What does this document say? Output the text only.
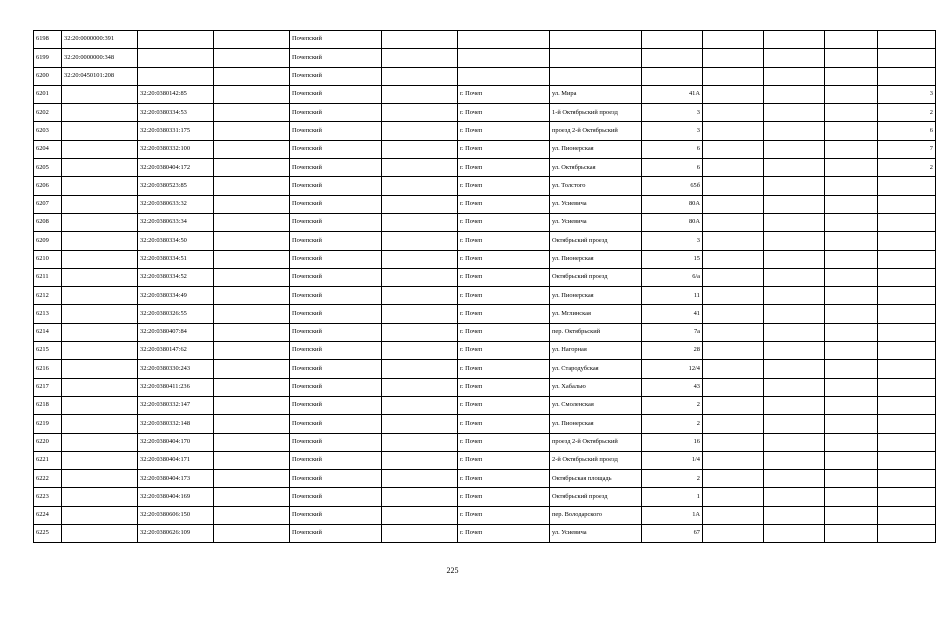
6198	32:20:0000000:391			Почепский								
6199	32:20:0000000:348			Почепский								
6200	32:20:0450101:208			Почепский								
6201		32:20:0380142:85		Почепский		г. Почеп	ул. Мира	41А				3
6202		32:20:0380334:53		Почепский		г. Почеп	1-й Октябрьский проезд	3				2
6203		32:20:0380331:175		Почепский		г. Почеп	проезд 2-й Октябрьский	3				6
6204		32:20:0380332:100		Почепский		г. Почеп	ул. Пионерская	6				7
6205		32:20:0380404:172		Почепский		г. Почеп	ул. Октябрьская	6				2
6206		32:20:0380523:85		Почепский		г. Почеп	ул. Толстого	65б				
6207		32:20:0380633:32		Почепский		г. Почеп	ул. Усиевича	80А				
6208		32:20:0380633:34		Почепский		г. Почеп	ул. Усиевича	80А				
6209		32:20:0380334:50		Почепский		г. Почеп	Октябрьский проезд	3				
6210		32:20:0380334:51		Почепский		г. Почеп	ул. Пионерская	15				
6211		32:20:0380334:52		Почепский		г. Почеп	Октябрьский проезд	6/а				
6212		32:20:0380334:49		Почепский		г. Почеп	ул. Пионерская	11				
6213		32:20:0380326:55		Почепский		г. Почеп	ул. Мглинская	41				
6214		32:20:0380407:84		Почепский		г. Почеп	пер. Октябрьский	7а				
6215		32:20:0380147:62		Почепский		г. Почеп	ул. Нагорная	28				
6216		32:20:0380330:243		Почепский		г. Почеп	ул. Стародубская	12/4				
6217		32:20:0380411:236		Почепский		г. Почеп	ул. Хабалью	43				
6218		32:20:0380332:147		Почепский		г. Почеп	ул. Смоленская	2				
6219		32:20:0380332:148		Почепский		г. Почеп	ул. Пионерская	2				
6220		32:20:0380404:170		Почепский		г. Почеп	проезд 2-й Октябрьский	16				
6221		32:20:0380404:171		Почепский		г. Почеп	2-й Октябрьский проезд	1/4				
6222		32:20:0380404:173		Почепский		г. Почеп	Октябрьская площадь	2				
6223		32:20:0380404:169		Почепский		г. Почеп	Октябрьский проезд	1				
6224		32:20:0380606:150		Почепский		г. Почеп	пер. Володарского	1А				
6225		32:20:0380626:109		Почепский		г. Почеп	ул. Усиевича	67				
225
